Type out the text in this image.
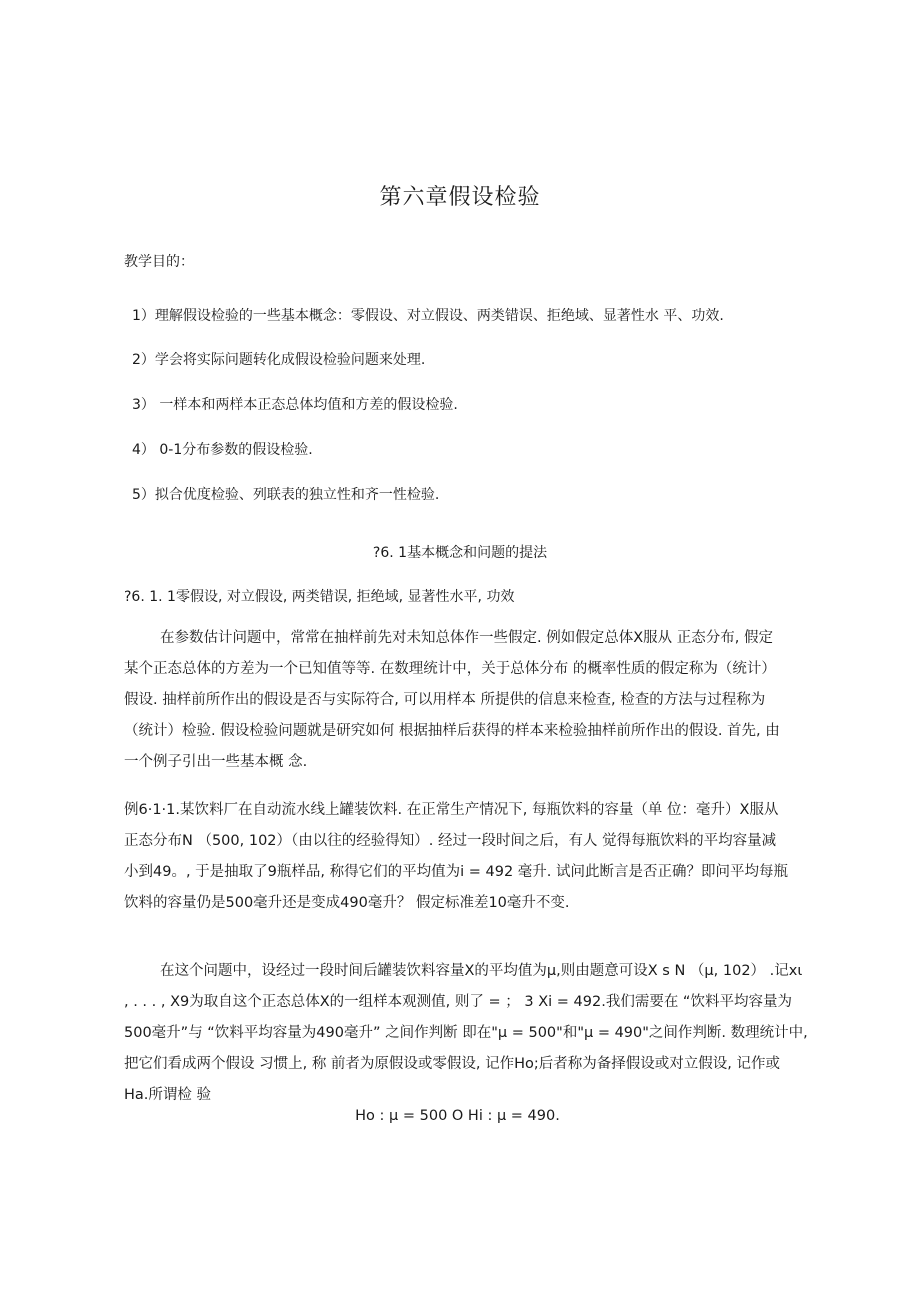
第六章假设检验
教学目的：
1）理解假设检验的一些基本概念：零假设、对立假设、两类错误、拒绝域、显著性水 平、功效.
2）学会将实际问题转化成假设检验问题来处理.
3） 一样本和两样本正态总体均值和方差的假设检验.
4） 0-1分布参数的假设检验.
5）拟合优度检验、列联表的独立性和齐一性检验.
?6. 1基本概念和问题的提法
?6. 1. 1零假设, 对立假设, 两类错误, 拒绝域, 显著性水平, 功效
在参数估计问题中，常常在抽样前先对未知总体作一些假定. 例如假定总体X服从 正态分布, 假定
某个正态总体的方差为一个已知值等等. 在数理统计中，关于总体分布 的概率性质的假定称为（统计）
假设. 抽样前所作出的假设是否与实际符合, 可以用样本 所提供的信息来检查, 检查的方法与过程称为
（统计）检验. 假设检验问题就是研究如何 根据抽样后获得的样本来检验抽样前所作出的假设. 首先, 由
一个例子引出一些基本概 念.
例6·1·1.某饮料厂在自动流水线上罐装饮料. 在正常生产情况下, 每瓶饮料的容量（单 位：毫升）X服从
正态分布N （500, 102）（由以往的经验得知）. 经过一段时间之后，有人 觉得每瓶饮料的平均容量减
小到49。, 于是抽取了9瓶样品, 称得它们的平均值为i = 492 毫升. 试问此断言是否正确？即问平均每瓶
饮料的容量仍是500毫升还是变成490毫升？ 假定标准差10毫升不变.
在这个问题中，设经过一段时间后罐装饮料容量X的平均值为μ,则由题意可设X s N （μ, 102） .记xι
, . . . , X9为取自这个正态总体X的一组样本观测值, 则了 = ； 3 Xi = 492.我们需要在 “饮料平均容量为
500毫升”与 “饮料平均容量为490毫升” 之间作判断 即在"μ = 500"和"μ = 490"之间作判断. 数理统计中,
把它们看成两个假设 习惯上, 称 前者为原假设或零假设, 记作Ho;后者称为备择假设或对立假设, 记作或
Ha.所谓检 验
Ho : μ = 500 O Hi : μ = 490.
